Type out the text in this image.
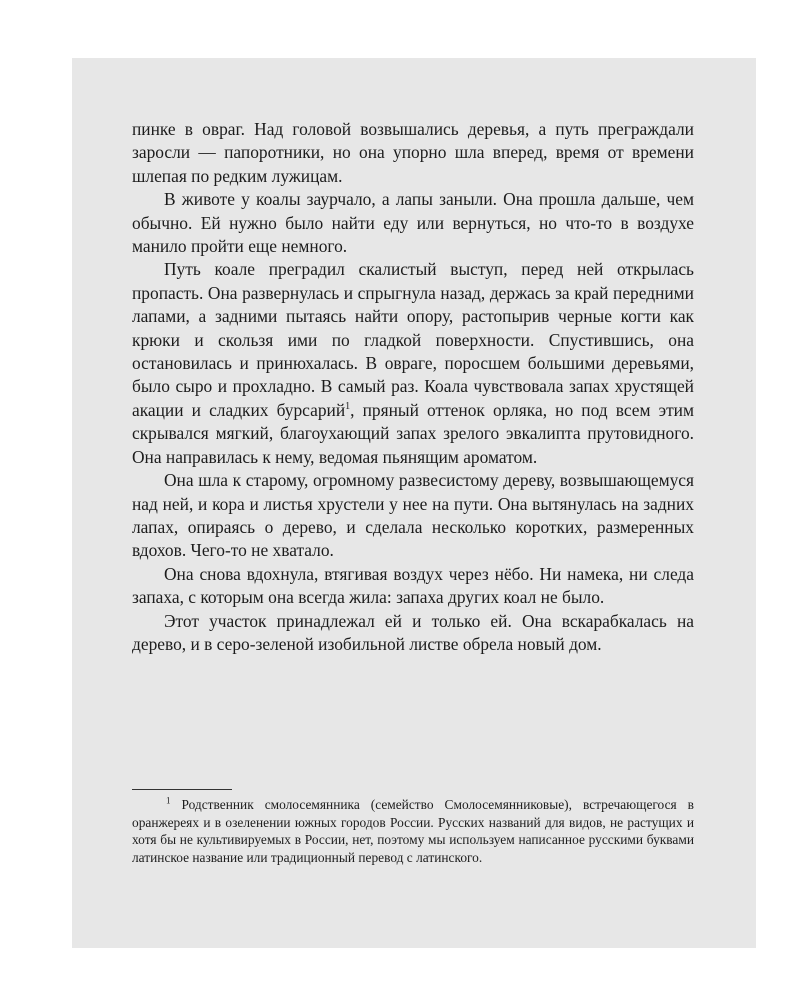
пинке в овраг. Над головой возвышались деревья, а путь преграждали заросли — папоротники, но она упорно шла вперед, время от времени шлепая по редким лужицам.

В животе у коалы заурчало, а лапы заныли. Она прошла дальше, чем обычно. Ей нужно было найти еду или вернуться, но что-то в воздухе манило пройти еще немного.

Путь коале преградил скалистый выступ, перед ней открылась пропасть. Она развернулась и спрыгнула назад, держась за край передними лапами, а задними пытаясь найти опору, растопырив черные когти как крюки и скользя ими по гладкой поверхности. Спустившись, она остановилась и принюхалась. В овраге, поросшем большими деревьями, было сыро и прохладно. В самый раз. Коала чувствовала запах хрустящей акации и сладких бурсарий$^1$, пряный оттенок орляка, но под всем этим скрывался мягкий, благоухающий запах зрелого эвкалипта прутовидного. Она направилась к нему, ведомая пьянящим ароматом.

Она шла к старому, огромному развесистому дереву, возвышающемуся над ней, и кора и листья хрустели у нее на пути. Она вытянулась на задних лапах, опираясь о дерево, и сделала несколько коротких, размеренных вдохов. Чего-то не хватало.

Она снова вдохнула, втягивая воздух через нёбо. Ни намека, ни следа запаха, с которым она всегда жила: запаха других коал не было.

Этот участок принадлежал ей и только ей. Она вскарабкалась на дерево, и в серо-зеленой изобильной листве обрела новый дом.

$^1$ Родственник смолосемянника (семейство Смолосемянниковые), встречающегося в оранжереях и в озеленении южных городов России. Русских названий для видов, не растущих и хотя бы не культивируемых в России, нет, поэтому мы используем написанное русскими буквами латинское название или традиционный перевод с латинского.
